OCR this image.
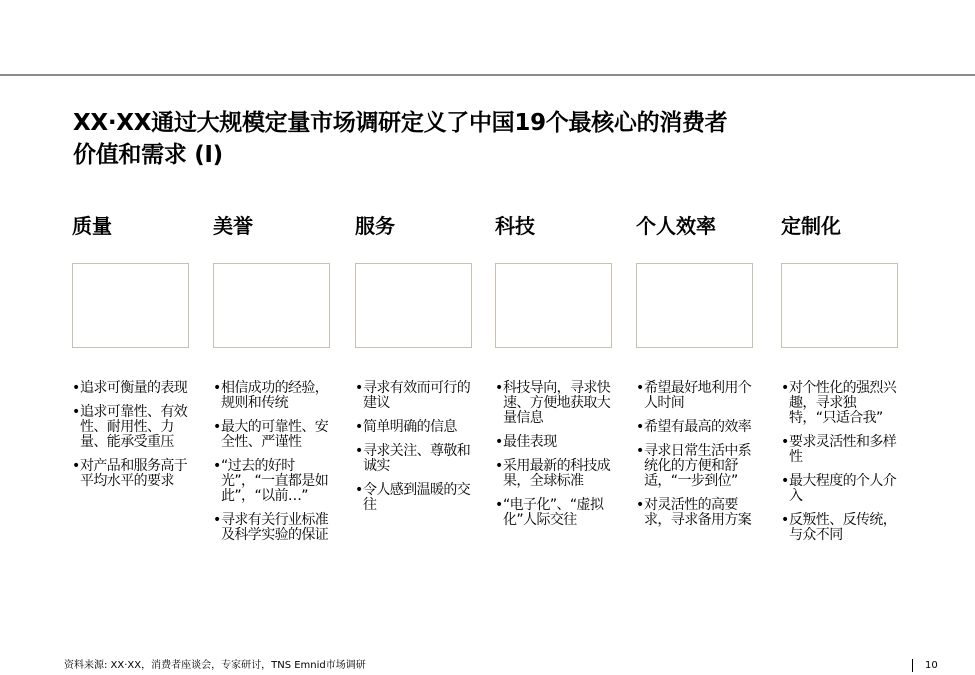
XX·XX通过大规模定量市场调研定义了中国19个最核心的消费者
价值和需求 (I)
质量
• 追求可衡量的表现
• 追求可靠性、有效性、耐用性、力量、能承受重压
• 对产品和服务高于平均水平的要求
美誉
• 相信成功的经验，规则和传统
• 最大的可靠性、安全性、严谨性
• “过去的好时光”，“一直都是如此”，“以前…”
• 寻求有关行业标准及科学实验的保证
服务
• 寻求有效而可行的建议
• 简单明确的信息
• 寻求关注、尊敬和诚实
• 令人感到温暖的交往
科技
• 科技导向，寻求快速、方便地获取大量信息
• 最佳表现
• 采用最新的科技成果，全球标准
• “电子化”、“虚拟化”人际交往
个人效率
• 希望最好地利用个人时间
• 希望有最高的效率
• 寻求日常生活中系统化的方便和舒适，“一步到位”
• 对灵活性的高要求，寻求备用方案
定制化
• 对个性化的强烈兴趣，寻求独特，“只适合我”
• 要求灵活性和多样性
• 最大程度的个人介入
• 反叛性、反传统，与众不同
资料来源: XX·XX，消费者座谈会，专家研讨，TNS Emnid市场调研	10
